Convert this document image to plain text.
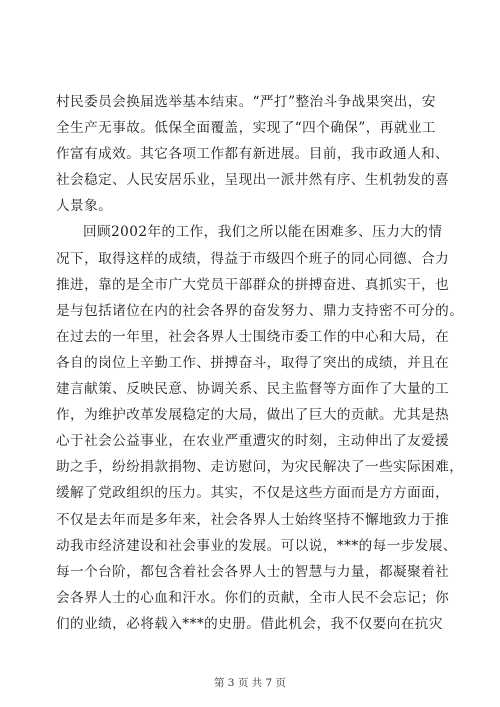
村民委员会换届选举基本结束。“严打”整治斗争战果突出，安
全生产无事故。低保全面覆盖，实现了“四个确保”，再就业工
作富有成效。其它各项工作都有新进展。目前，我市政通人和、
社会稳定、人民安居乐业，呈现出一派井然有序、生机勃发的喜
人景象。
回顾2002年的工作，我们之所以能在困难多、压力大的情
况下，取得这样的成绩，得益于市级四个班子的同心同德、合力
推进，靠的是全市广大党员干部群众的拼搏奋进、真抓实干，也
是与包括诸位在内的社会各界的奋发努力、鼎力支持密不可分的。
在过去的一年里，社会各界人士围绕市委工作的中心和大局，在
各自的岗位上辛勤工作、拼搏奋斗，取得了突出的成绩，并且在
建言献策、反映民意、协调关系、民主监督等方面作了大量的工
作，为维护改革发展稳定的大局，做出了巨大的贡献。尤其是热
心于社会公益事业，在农业严重遭灾的时刻，主动伸出了友爱援
助之手，纷纷捐款捐物、走访慰问，为灾民解决了一些实际困难，
缓解了党政组织的压力。其实，不仅是这些方面而是方方面面，
不仅是去年而是多年来，社会各界人士始终坚持不懈地致力于推
动我市经济建设和社会事业的发展。可以说，***的每一步发展、
每一个台阶，都包含着社会各界人士的智慧与力量，都凝聚着社
会各界人士的心血和汗水。你们的贡献，全市人民不会忘记；你
们的业绩，必将载入***的史册。借此机会，我不仅要向在抗灾
第 3 页 共 7 页
